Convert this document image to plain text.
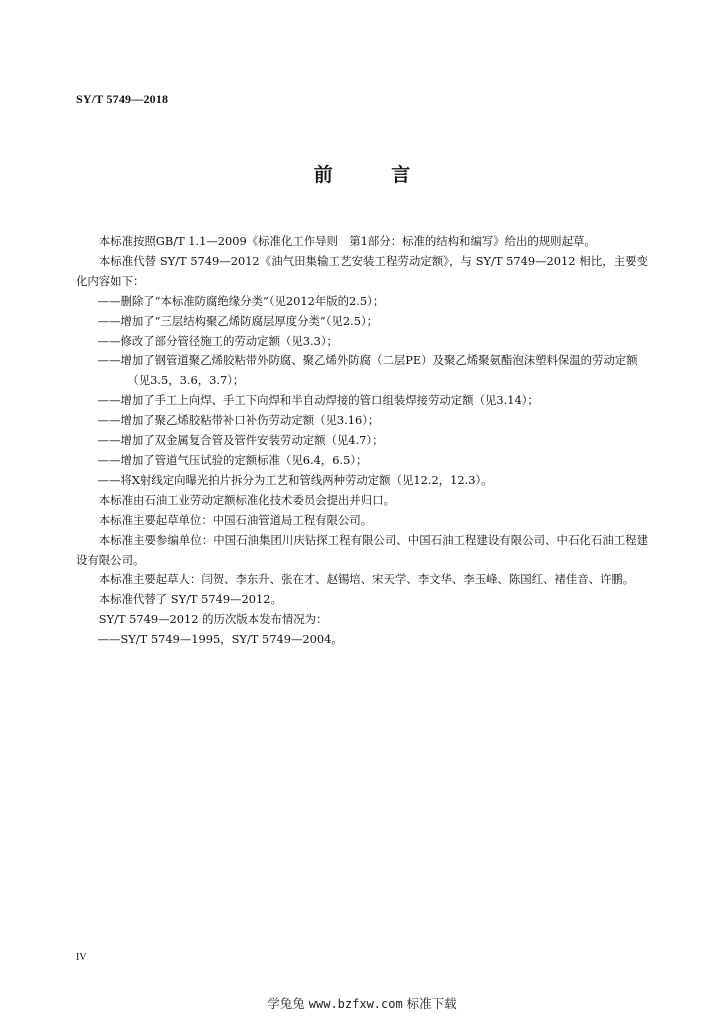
SY/T 5749—2018
前 言

本标准按照GB/T 1.1—2009《标准化工作导则　第1部分：标准的结构和编写》给出的规则起草。

本标准代替 SY/T 5749—2012《油气田集输工艺安装工程劳动定额》，与 SY/T 5749—2012 相比，主要变化内容如下：

——删除了“本标准防腐绝缘分类”（见2012年版的2.5）；

——增加了“三层结构聚乙烯防腐层厚度分类”（见2.5）；

——修改了部分管径施工的劳动定额（见3.3）；

——增加了钢管道聚乙烯胶粘带外防腐、聚乙烯外防腐（二层PE）及聚乙烯聚氨酯泡沫塑料保温的劳动定额（见3.5，3.6，3.7）；

——增加了手工上向焊、手工下向焊和半自动焊接的管口组装焊接劳动定额（见3.14）；

——增加了聚乙烯胶粘带补口补伤劳动定额（见3.16）；

——增加了双金属复合管及管件安装劳动定额（见4.7）；

——增加了管道气压试验的定额标准（见6.4，6.5）；

——将X射线定向曝光拍片拆分为工艺和管线两种劳动定额（见12.2，12.3）。

本标准由石油工业劳动定额标准化技术委员会提出并归口。

本标准主要起草单位：中国石油管道局工程有限公司。

本标准主要参编单位：中国石油集团川庆钻探工程有限公司、中国石油工程建设有限公司、中石化石油工程建设有限公司。

本标准主要起草人：闫贺、李东升、张在才、赵锡培、宋天学、李文华、李玉峰、陈国红、褚佳音、许鹏。

本标准代替了 SY/T 5749—2012。

SY/T 5749—2012 的历次版本发布情况为：

——SY/T 5749—1995，SY/T 5749—2004。

IV
学兔兔 www.bzfxw.com 标准下载
